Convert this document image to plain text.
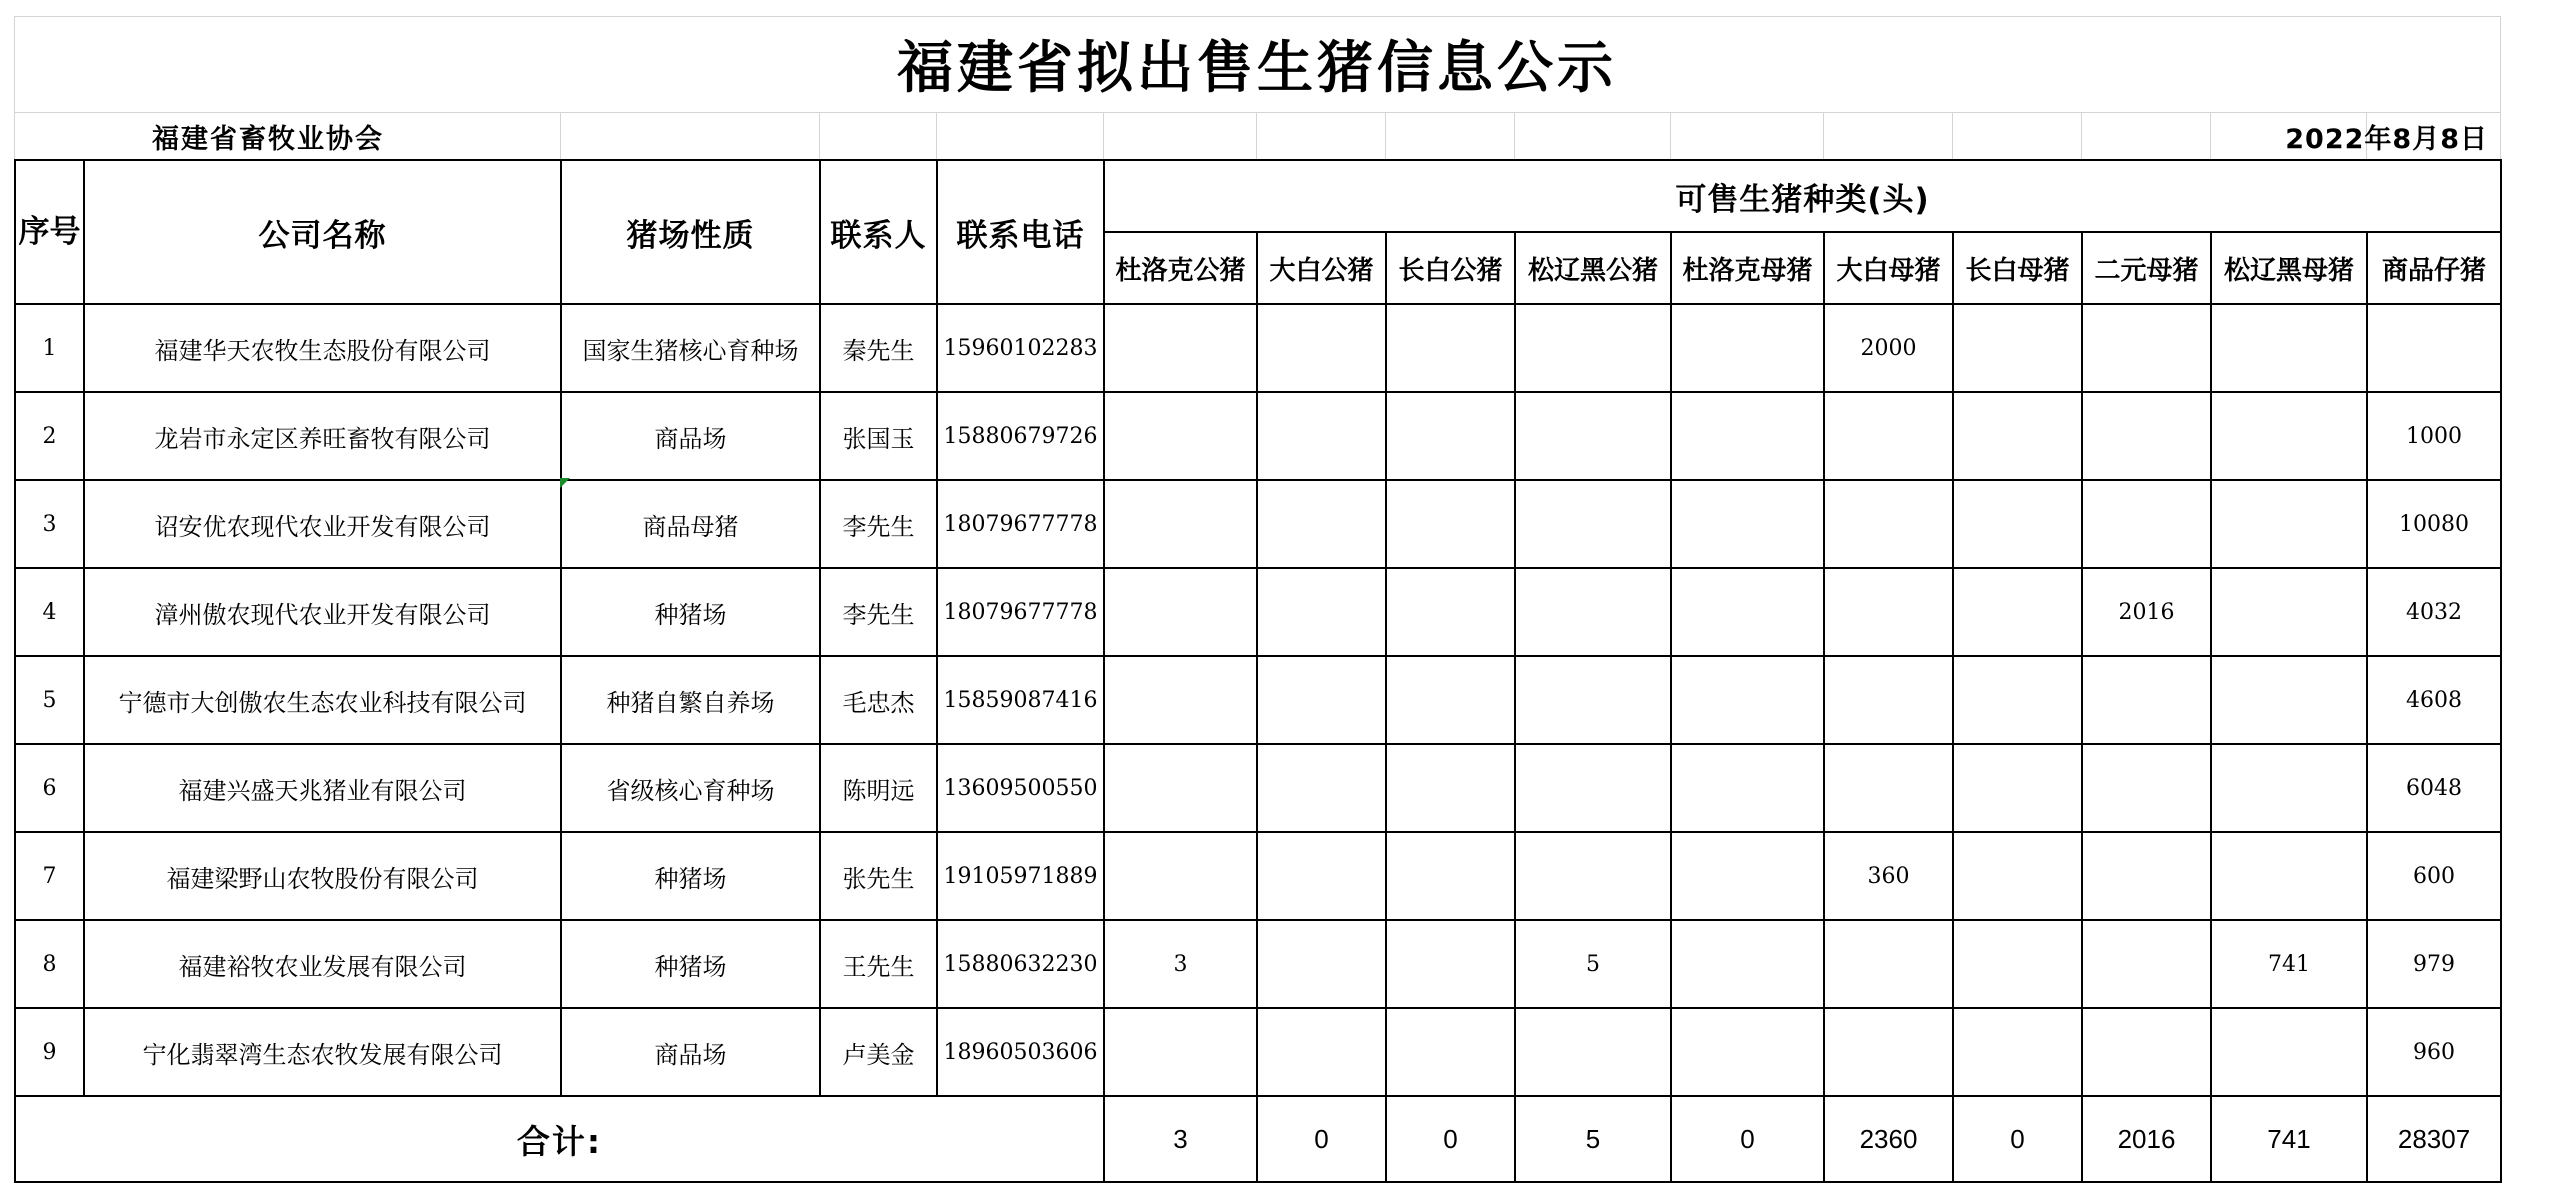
福建省拟出售生猪信息公示
福建省畜牧业协会	2022年8月8日
序号	公司名称	猪场性质	联系人	联系电话	可售生猪种类(头)									
					杜洛克公猪	大白公猪	长白公猪	松辽黑公猪	杜洛克母猪	大白母猪	长白母猪	二元母猪	松辽黑母猪	商品仔猪
1	福建华天农牧生态股份有限公司	国家生猪核心育种场	秦先生	15960102283						2000				
2	龙岩市永定区养旺畜牧有限公司	商品场	张国玉	15880679726										1000
3	诏安优农现代农业开发有限公司	商品母猪	李先生	18079677778										10080
4	漳州傲农现代农业开发有限公司	种猪场	李先生	18079677778								2016		4032
5	宁德市大创傲农生态农业科技有限公司	种猪自繁自养场	毛忠杰	15859087416										4608
6	福建兴盛天兆猪业有限公司	省级核心育种场	陈明远	13609500550										6048
7	福建梁野山农牧股份有限公司	种猪场	张先生	19105971889						360				600
8	福建裕牧农业发展有限公司	种猪场	王先生	15880632230	3			5					741	979
9	宁化翡翠湾生态农牧发展有限公司	商品场	卢美金	18960503606										960
合计:					3	0	0	5	0	2360	0	2016	741	28307
